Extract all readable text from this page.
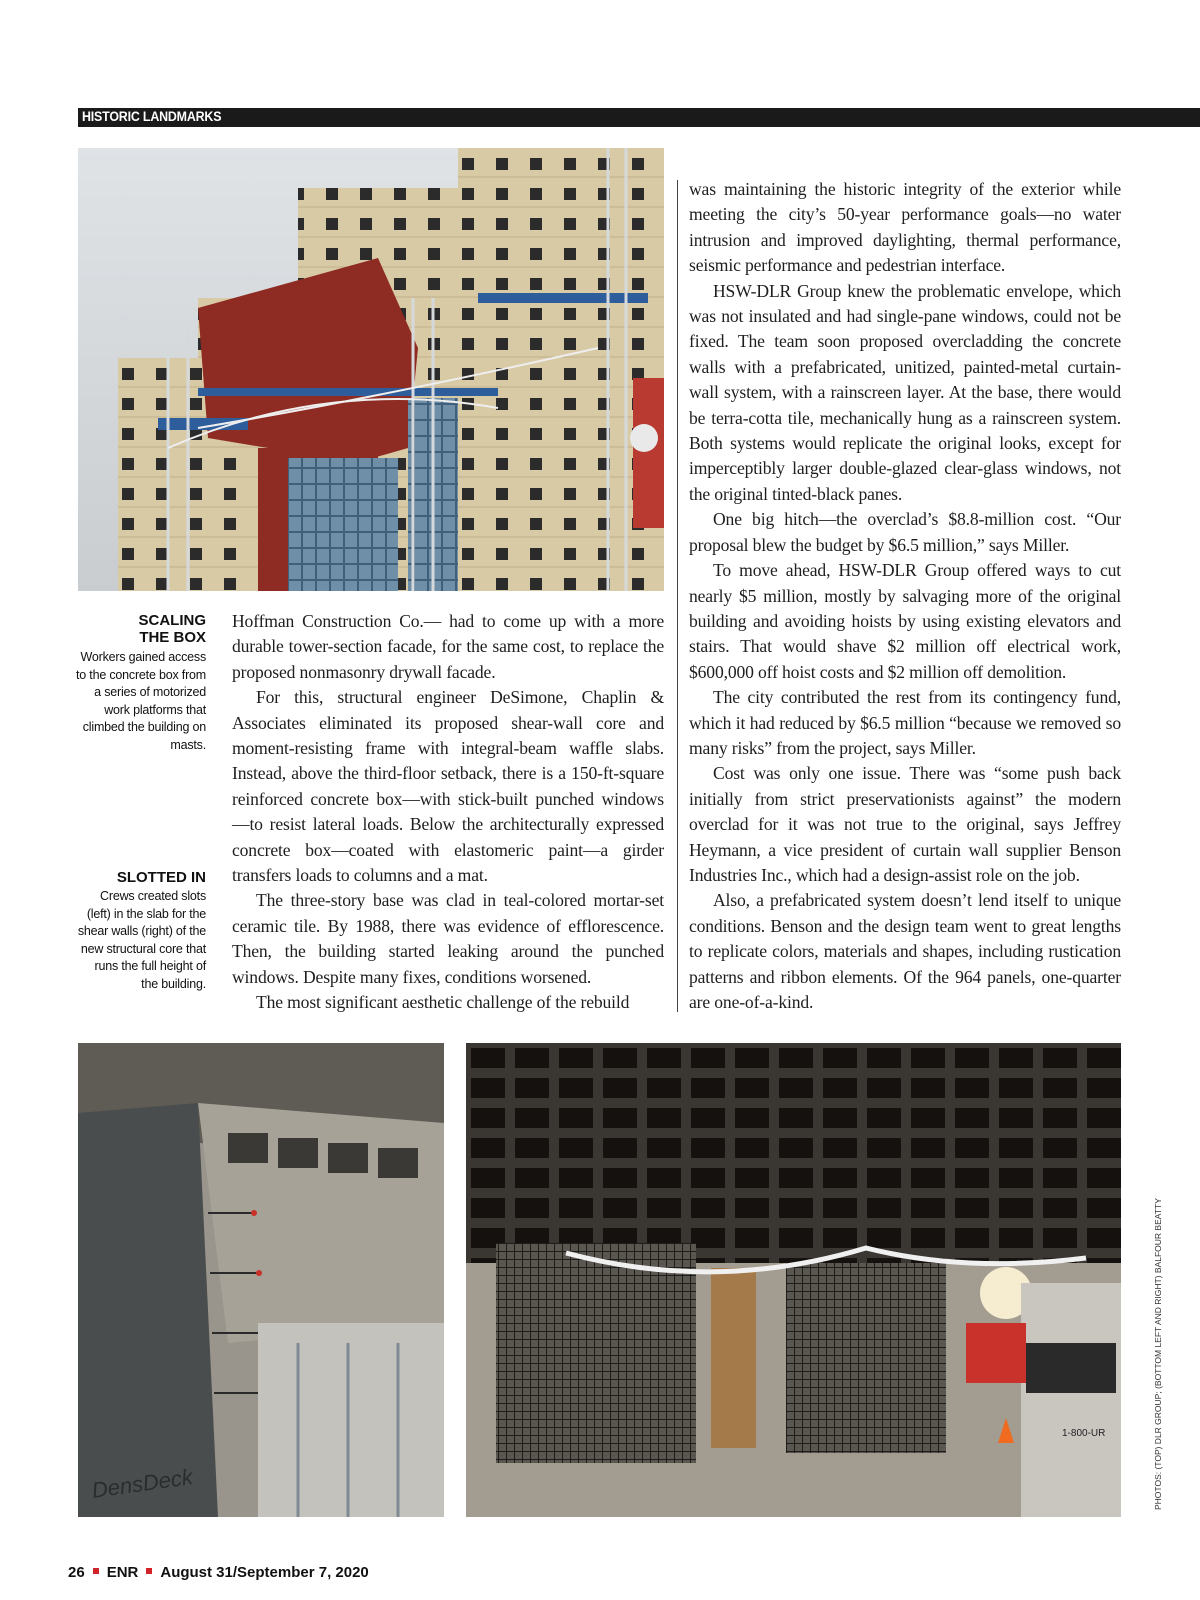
HISTORIC LANDMARKS
SCALING
THE BOX
Workers gained access to the concrete box from a series of motorized work platforms that climbed the building on masts.
SLOTTED IN
Crews created slots (left) in the slab for the shear walls (right) of the new structural core that runs the full height of the building.

Hoffman Construction Co.— had to come up with a more durable tower-section facade, for the same cost, to replace the proposed nonmasonry drywall facade.

For this, structural engineer DeSimone, Chaplin & Associates eliminated its proposed shear-wall core and moment-resisting frame with integral-beam waffle slabs. Instead, above the third-floor setback, there is a 150-ft-square reinforced concrete box—with stick-built punched windows—to resist lateral loads. Below the architecturally expressed concrete box—coated with elastomeric paint—a girder transfers loads to columns and a mat.

The three-story base was clad in teal-colored mortar-set ceramic tile. By 1988, there was evidence of efflorescence. Then, the building started leaking around the punched windows. Despite many fixes, conditions worsened.

The most significant aesthetic challenge of the rebuild

was maintaining the historic integrity of the exterior while meeting the city’s 50-year performance goals—no water intrusion and improved daylighting, thermal performance, seismic performance and pedestrian interface.

HSW-DLR Group knew the problematic envelope, which was not insulated and had single-pane windows, could not be fixed. The team soon proposed overcladding the concrete walls with a prefabricated, unitized, painted-metal curtain-wall system, with a rainscreen layer. At the base, there would be terra-cotta tile, mechanically hung as a rainscreen system. Both systems would replicate the original looks, except for imperceptibly larger double-glazed clear-glass windows, not the original tinted-black panes.

One big hitch—the overclad’s $8.8-million cost. “Our proposal blew the budget by $6.5 million,” says Miller.

To move ahead, HSW-DLR Group offered ways to cut nearly $5 million, mostly by salvaging more of the original building and avoiding hoists by using existing elevators and stairs. That would shave $2 million off electrical work, $600,000 off hoist costs and $2 million off demolition.

The city contributed the rest from its contingency fund, which it had reduced by $6.5 million “because we removed so many risks” from the project, says Miller.

Cost was only one issue. There was “some push back initially from strict preservationists against” the modern overclad for it was not true to the original, says Jeffrey Heymann, a vice president of curtain wall supplier Benson Industries Inc., which had a design-assist role on the job.

Also, a prefabricated system doesn’t lend itself to unique conditions. Benson and the design team went to great lengths to replicate colors, materials and shapes, including rustication patterns and ribbon elements. Of the 964 panels, one-quarter are one-of-a-kind.

DensDeck
1-800-UR	PHOTOS: (TOP) DLR GROUP; (BOTTOM LEFT AND RIGHT) BALFOUR BEATTY
26 ENR August 31/September 7, 2020
